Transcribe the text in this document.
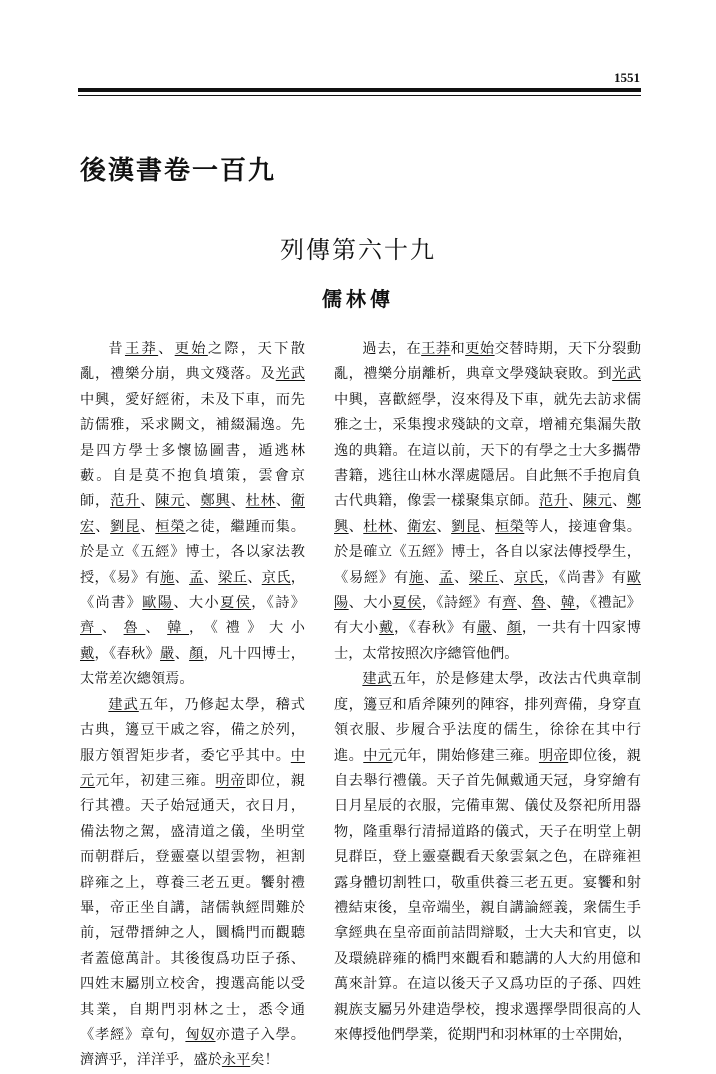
1551
後漢書卷一百九
列傳第六十九
儒林傳

昔王莽、更始之際，天下散亂，禮樂分崩，典文殘落。及光武中興，愛好經術，未及下車，而先訪儒雅，采求闕文，補綴漏逸。先是四方學士多懷協圖書，遁逃林藪。自是莫不抱負墳策，雲會京師，范升、陳元、鄭興、杜林、衛宏、劉昆、桓榮之徒，繼踵而集。於是立《五經》博士，各以家法教授，《易》有施、孟、梁丘、京氏，《尚書》歐陽、大小夏侯，《詩》齊、魯、韓，《禮》大小戴，《春秋》嚴、顏，凡十四博士，太常差次總領焉。

建武五年，乃修起太學，稽式古典，籩豆干戚之容，備之於列，服方領習矩步者，委它乎其中。中元元年，初建三雍。明帝即位，親行其禮。天子始冠通天，衣日月，備法物之駕，盛清道之儀，坐明堂而朝群后，登靈臺以望雲物，袒割辟雍之上，尊養三老五更。饗射禮畢，帝正坐自講，諸儒執經問難於前，冠帶搢紳之人，圜橋門而觀聽者蓋億萬計。其後復爲功臣子孫、四姓末屬別立校舍，搜選高能以受其業，自期門羽林之士，悉令通《孝經》章句，匈奴亦遣子入學。濟濟乎，洋洋乎，盛於永平矣！

過去，在王莽和更始交替時期，天下分裂動亂，禮樂分崩離析，典章文學殘缺衰敗。到光武中興，喜歡經學，沒來得及下車，就先去訪求儒雅之士，采集搜求殘缺的文章，增補充集漏失散逸的典籍。在這以前，天下的有學之士大多攜帶書籍，逃往山林水澤處隱居。自此無不手抱肩負古代典籍，像雲一樣聚集京師。范升、陳元、鄭興、杜林、衛宏、劉昆、桓榮等人，接連會集。於是確立《五經》博士，各自以家法傳授學生，《易經》有施、孟、梁丘、京氏，《尚書》有歐陽、大小夏侯，《詩經》有齊、魯、韓，《禮記》有大小戴，《春秋》有嚴、顏，一共有十四家博士，太常按照次序總管他們。

建武五年，於是修建太學，改法古代典章制度，籩豆和盾斧陳列的陣容，排列齊備，身穿直領衣服、步履合乎法度的儒生，徐徐在其中行進。中元元年，開始修建三雍。明帝即位後，親自去舉行禮儀。天子首先佩戴通天冠，身穿繪有日月星辰的衣服，完備車駕、儀仗及祭祀所用器物，隆重舉行清掃道路的儀式，天子在明堂上朝見群臣，登上靈臺觀看天象雲氣之色，在辟雍袒露身體切割牲口，敬重供養三老五更。宴饗和射禮結束後，皇帝端坐，親自講論經義，衆儒生手拿經典在皇帝面前詰問辯駁，士大夫和官吏，以及環繞辟雍的橋門來觀看和聽講的人大約用億和萬來計算。在這以後天子又爲功臣的子孫、四姓親族支屬另外建造學校，搜求選擇學問很高的人來傳授他們學業，從期門和羽林軍的士卒開始，
